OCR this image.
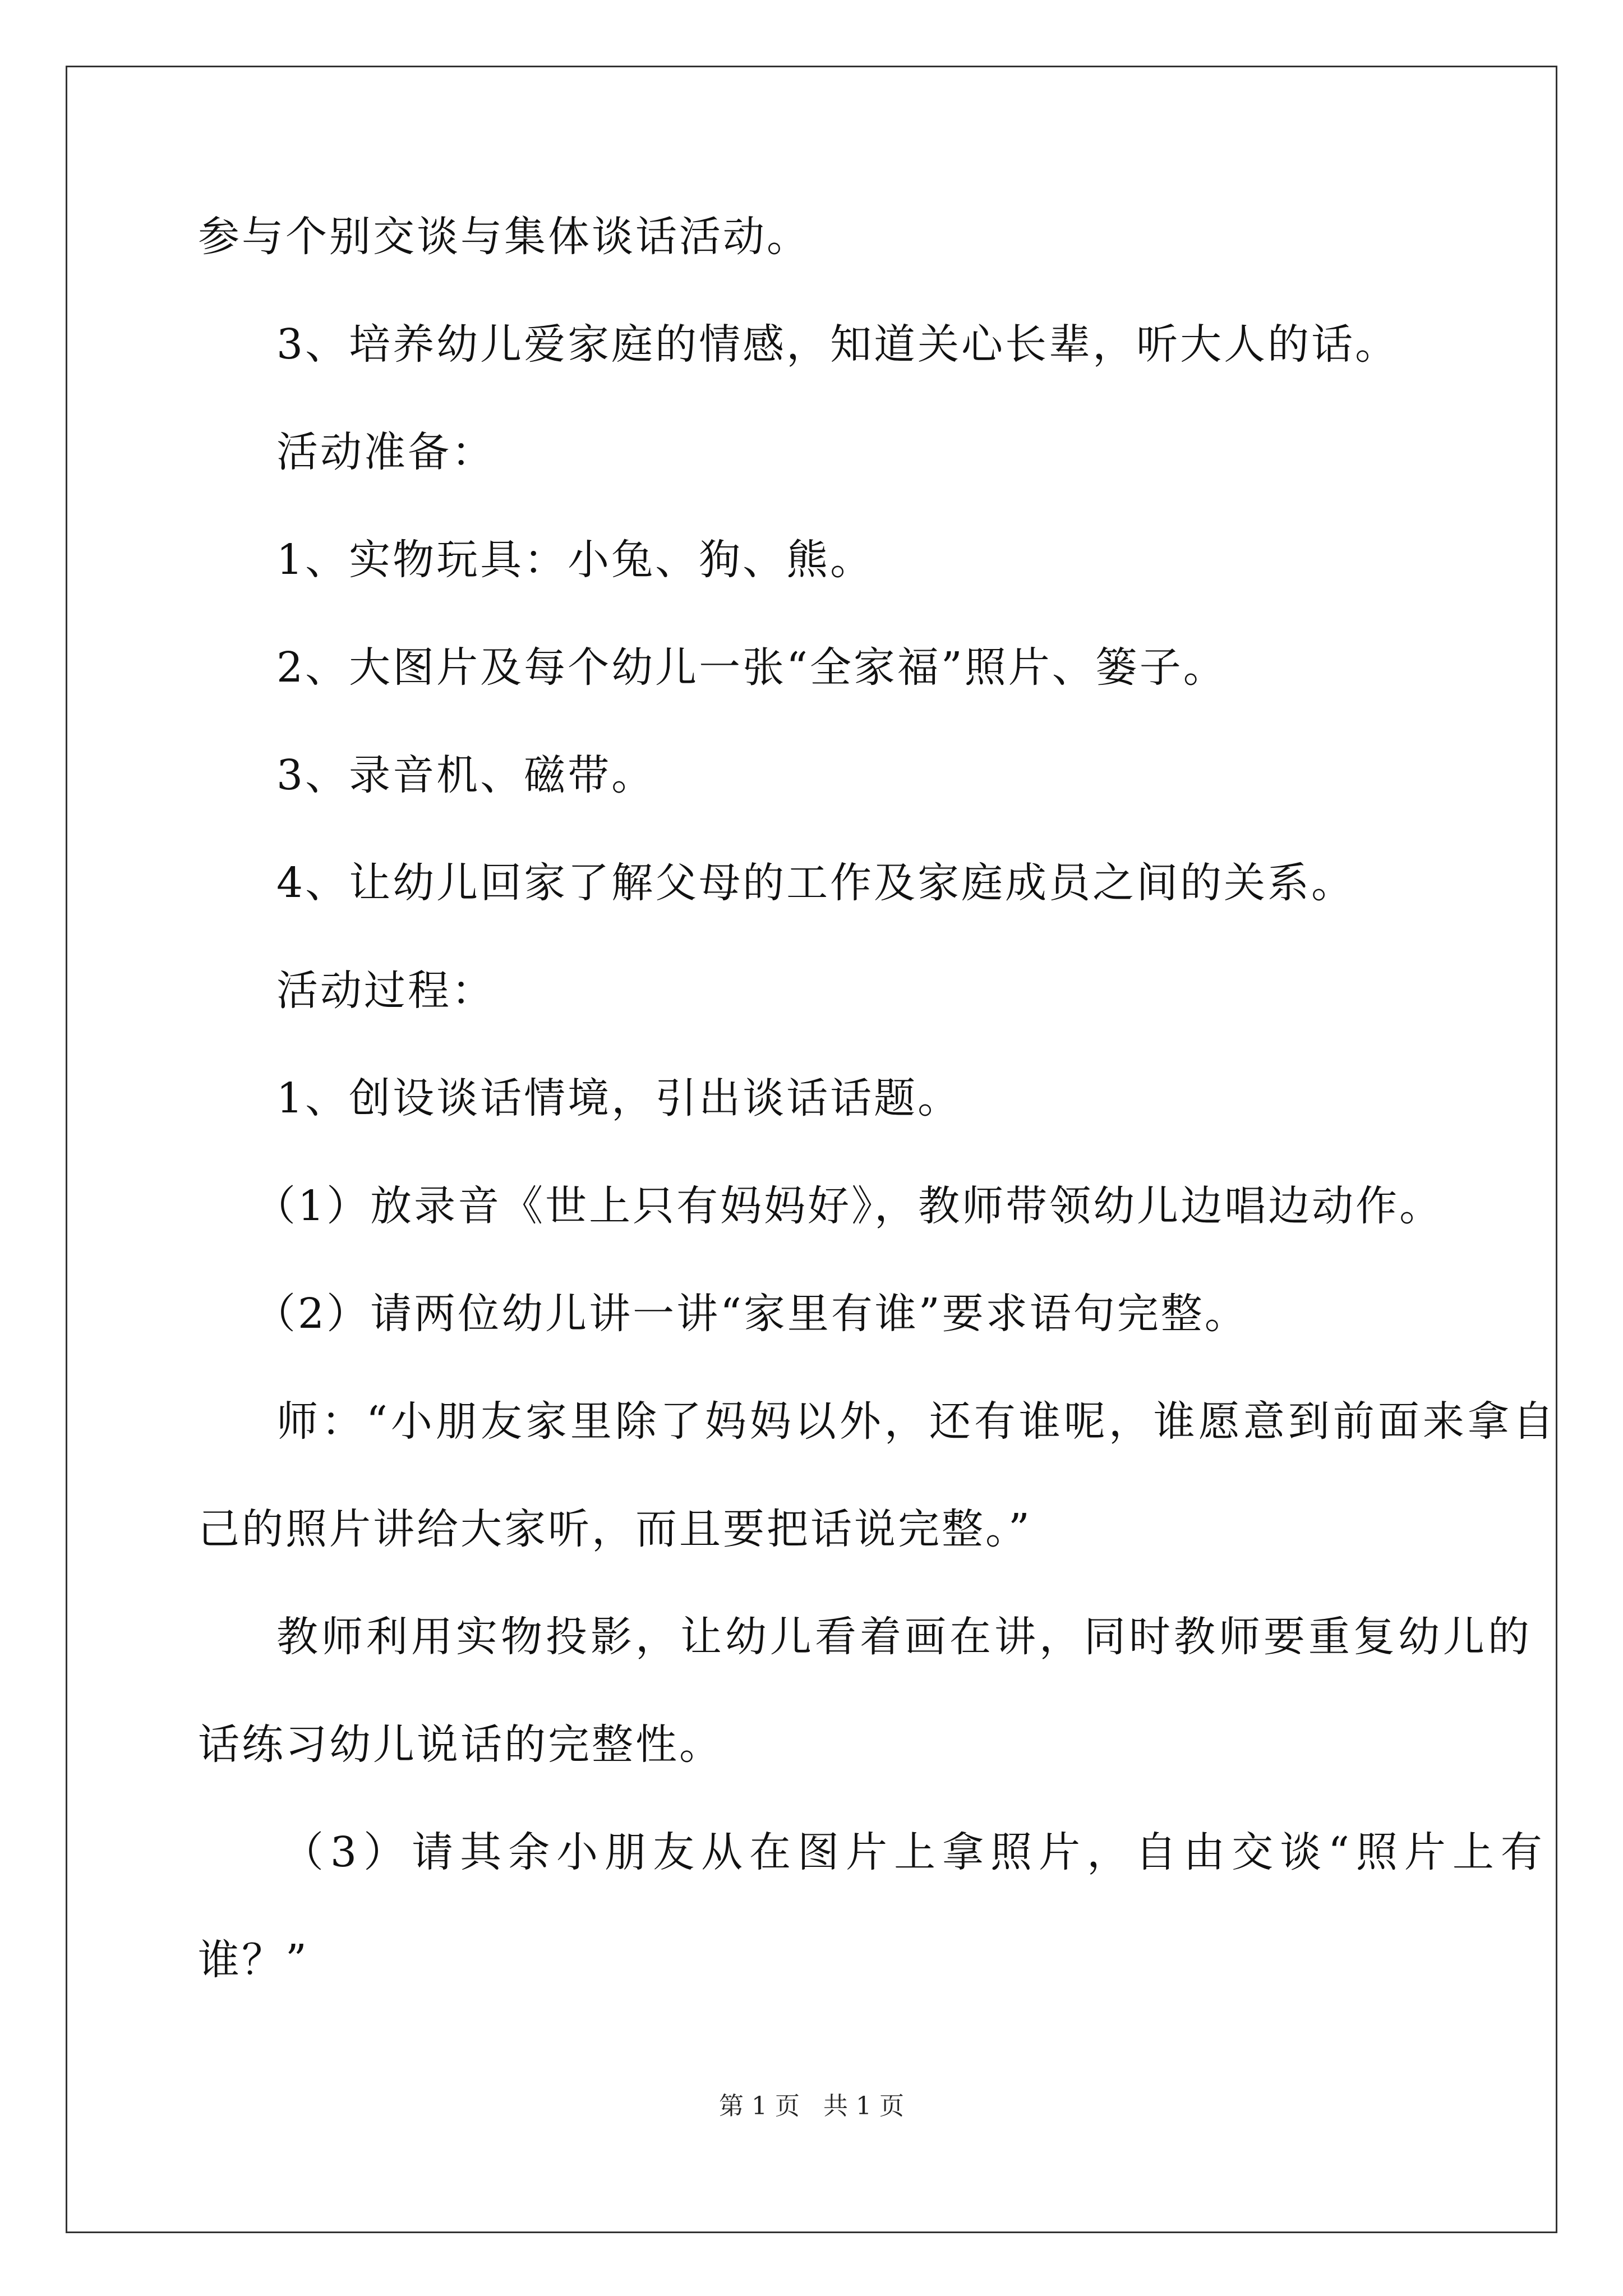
参与个别交谈与集体谈话活动。
3、培养幼儿爱家庭的情感，知道关心长辈，听大人的话。
活动准备：
1、实物玩具：小兔、狗、熊。
2、大图片及每个幼儿一张“全家福”照片、篓子。
3、录音机、磁带。
4、让幼儿回家了解父母的工作及家庭成员之间的关系。
活动过程：
1、创设谈话情境，引出谈话话题。
（1）放录音《世上只有妈妈好》，教师带领幼儿边唱边动作。
（2）请两位幼儿讲一讲“家里有谁”要求语句完整。
师：“小朋友家里除了妈妈以外，还有谁呢，谁愿意到前面来拿自
己的照片讲给大家听，而且要把话说完整。”
教师利用实物投影，让幼儿看着画在讲，同时教师要重复幼儿的
话练习幼儿说话的完整性。
（3）请其余小朋友从在图片上拿照片，自由交谈“照片上有
谁？”
第 1 页   共 1 页
